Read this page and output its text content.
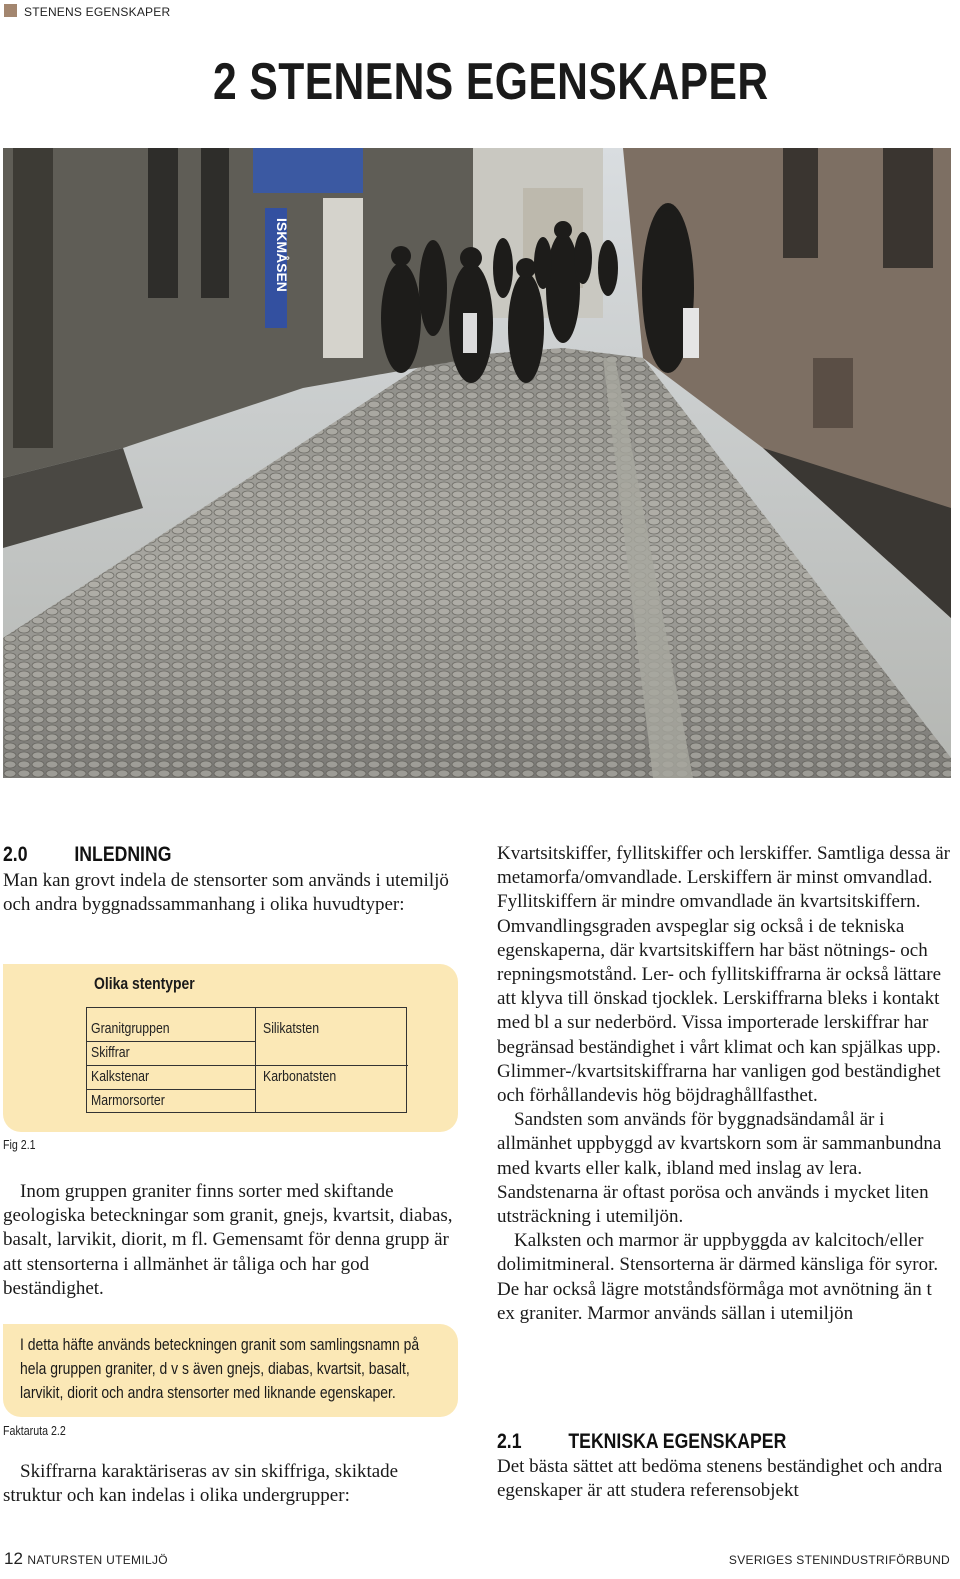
STENENS EGENSKAPER
2 STENENS EGENSKAPER
ISKMÅSEN
2.0 INLEDNING

Man kan grovt indela de stensorter som används i utemiljö och andra byggnadssammanhang i olika huvudtyper:

Olika stentyper
Granitgruppen
Skiffrar
Kalkstenar
Marmorsorter
Silikatsten
Karbonatsten
Fig 2.1

Inom gruppen graniter finns sorter med skiftande geologiska beteckningar som granit, gnejs, kvartsit, diabas, basalt, larvikit, diorit, m fl. Gemensamt för denna grupp är att stensorterna i allmänhet är tåliga och har god beständighet.

I detta häfte används beteckningen granit som samlingsnamn på hela gruppen graniter, d v s även gnejs, diabas, kvartsit, basalt, larvikit, diorit och andra stensorter med liknande egenskaper.
Faktaruta 2.2

Skiffrarna karaktäriseras av sin skiffriga, skiktade struktur och kan indelas i olika undergrupper:

Kvartsitskiffer, fyllitskiffer och lerskiffer. Samtliga dessa är metamorfa/omvandlade. Lerskiffern är minst omvandlad. Fyllitskiffern är mindre omvandlade än kvartsitskiffern. Omvandlingsgraden avspeglar sig också i de tekniska egenskaperna, där kvartsitskiffern har bäst nötnings- och repningsmotstånd. Ler- och fyllitskiffrarna är också lättare att klyva till önskad tjocklek. Lerskiffrarna bleks i kontakt med bl a sur nederbörd. Vissa importerade lerskiffrar har begränsad beständighet i vårt klimat och kan spjälkas upp. Glimmer-/kvartsitskiffrarna har vanligen god beständighet och förhållandevis hög böjdraghållfasthet.

Sandsten som används för byggnadsändamål är i allmänhet uppbyggd av kvartskorn som är sammanbundna med kvarts eller kalk, ibland med inslag av lera. Sandstenarna är oftast porösa och används i mycket liten utsträckning i utemiljön.

Kalksten och marmor är uppbyggda av kalcitoch/eller dolimitmineral. Stensorterna är därmed känsliga för syror. De har också lägre motståndsförmåga mot avnötning än t ex graniter. Marmor används sällan i utemiljön

2.1 TEKNISKA EGENSKAPER

Det bästa sättet att bedöma stenens beständighet och andra egenskaper är att studera referensobjekt

12 NATURSTEN UTEMILJÖ	SVERIGES STENINDUSTRIFÖRBUND
